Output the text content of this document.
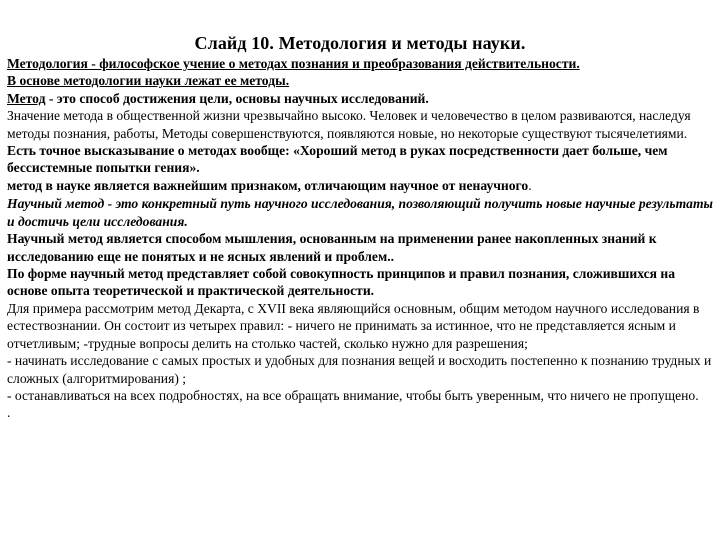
Слайд 10. Методология и методы науки.

Методология - философское учение о методах познания и преобразования действительности.

В основе методологии науки лежат ее методы.

Метод - это способ достижения цели, основы научных исследований.

Значение метода в общественной жизни чрезвычайно высоко. Человек и человечество в целом развиваются, наследуя методы познания, работы, Методы совершенствуются, появляются новые, но некоторые существуют тысячелетиями.

Есть точное высказывание о методах вообще: «Хороший метод в руках посредственности дает больше, чем бессистемные попытки гения».

метод в науке является важнейшим признаком, отличающим научное от ненаучного.

Научный метод - это конкретный путь научного исследования, позволяющий получить новые научные результаты и достичь цели исследования.

Научный метод является способом мышления, основанным на применении ранее накопленных знаний к исследованию еще не понятых и не ясных явлений и проблем..

По форме научный метод представляет собой совокупность принципов и правил познания, сложившихся на основе опыта теоретической и практической деятельности.

Для примера рассмотрим метод Декарта, с XVII века являющийся основным, общим методом научного исследования в естествознании. Он состоит из четырех правил: - ничего не принимать за истинное, что не представляется ясным и отчетливым; -трудные вопросы делить на столько частей, сколько нужно для разрешения;

- начинать исследование с самых простых и удобных для познания вещей и восходить постепенно к познанию трудных и сложных (алгоритмирования) ;

- останавливаться на всех подробностях, на все обращать внимание, чтобы быть уверенным, что ничего не пропущено.

.
